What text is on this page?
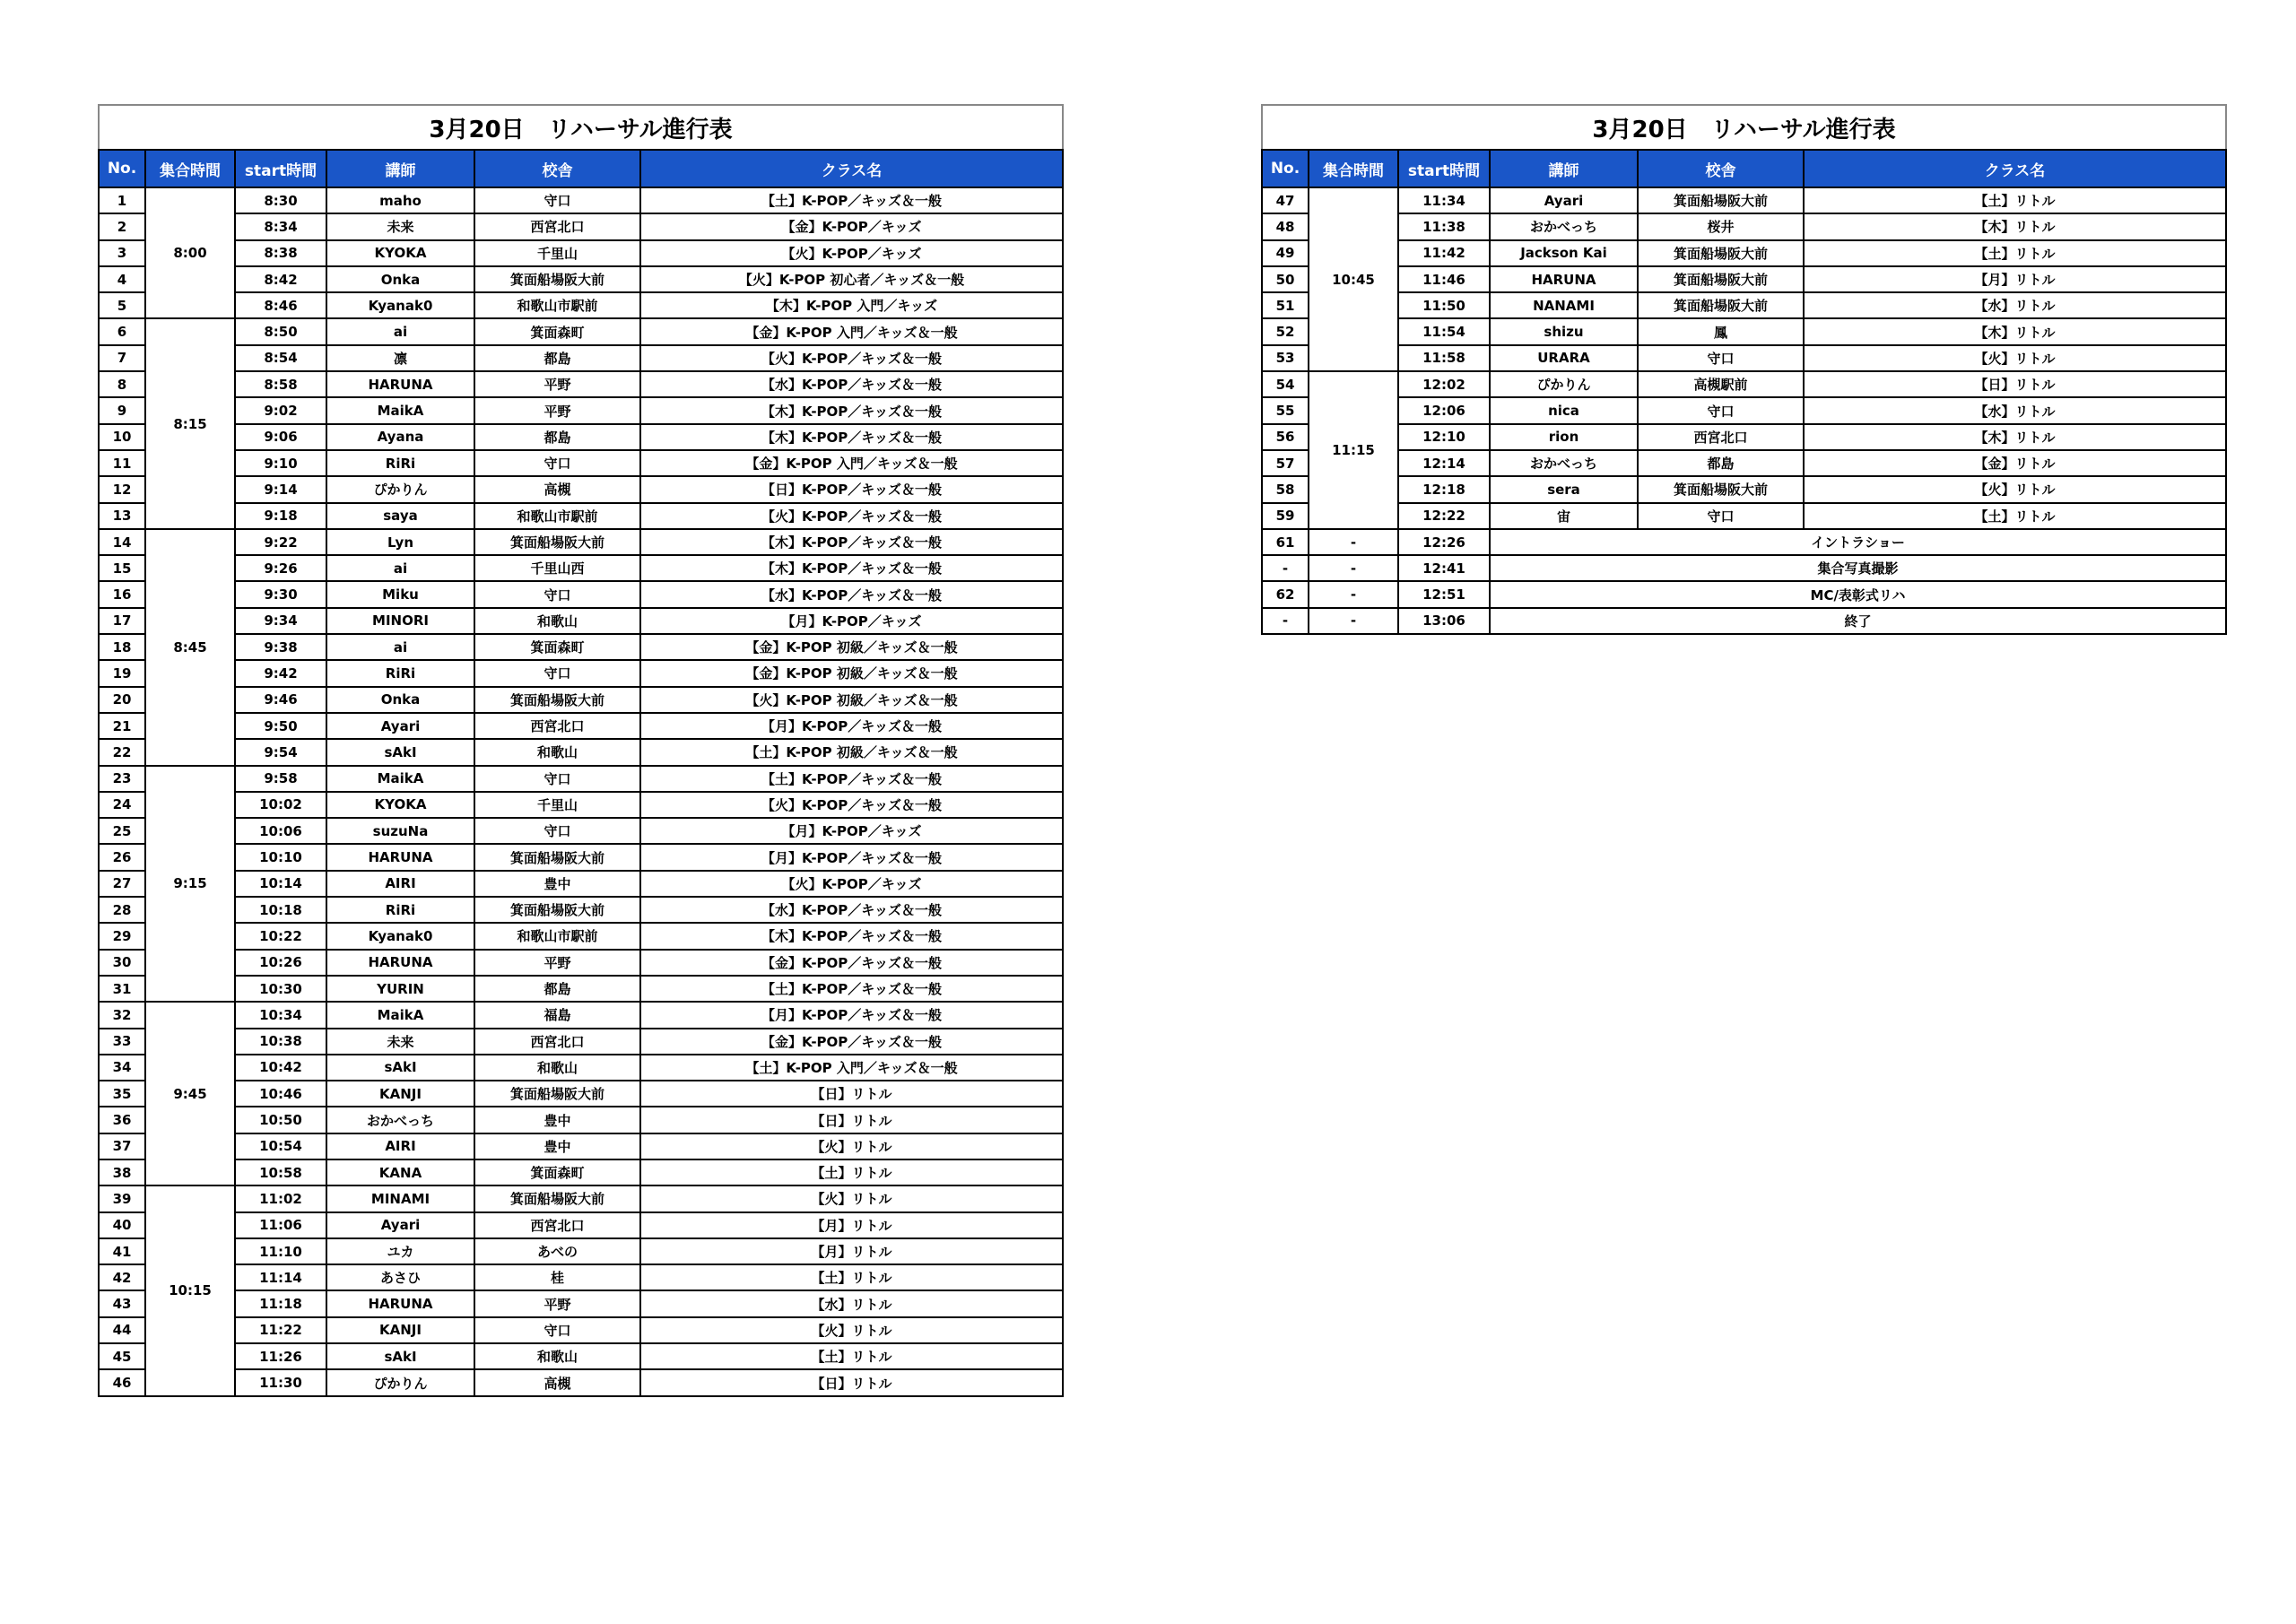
3月20日　リハーサル進行表					
No.	集合時間	start時間	講師	校舎	クラス名
1	8:00	8:30	maho	守口	【土】K-POP／キッズ＆一般
2		8:34	未来	西宮北口	【金】K-POP／キッズ
3		8:38	KYOKA	千里山	【火】K-POP／キッズ
4		8:42	Onka	箕面船場阪大前	【火】K-POP 初心者／キッズ＆一般
5		8:46	Kyanak0	和歌山市駅前	【木】K-POP 入門／キッズ
6	8:15	8:50	ai	箕面森町	【金】K-POP 入門／キッズ＆一般
7		8:54	凛	都島	【火】K-POP／キッズ＆一般
8		8:58	HARUNA	平野	【水】K-POP／キッズ＆一般
9		9:02	MaikA	平野	【木】K-POP／キッズ＆一般
10		9:06	Ayana	都島	【木】K-POP／キッズ＆一般
11		9:10	RiRi	守口	【金】K-POP 入門／キッズ＆一般
12		9:14	ぴかりん	高槻	【日】K-POP／キッズ＆一般
13		9:18	saya	和歌山市駅前	【火】K-POP／キッズ＆一般
14	8:45	9:22	Lyn	箕面船場阪大前	【木】K-POP／キッズ＆一般
15		9:26	ai	千里山西	【木】K-POP／キッズ＆一般
16		9:30	Miku	守口	【水】K-POP／キッズ＆一般
17		9:34	MINORI	和歌山	【月】K-POP／キッズ
18		9:38	ai	箕面森町	【金】K-POP 初級／キッズ＆一般
19		9:42	RiRi	守口	【金】K-POP 初級／キッズ＆一般
20		9:46	Onka	箕面船場阪大前	【火】K-POP 初級／キッズ＆一般
21		9:50	Ayari	西宮北口	【月】K-POP／キッズ＆一般
22		9:54	sAkI	和歌山	【土】K-POP 初級／キッズ＆一般
23	9:15	9:58	MaikA	守口	【土】K-POP／キッズ＆一般
24		10:02	KYOKA	千里山	【火】K-POP／キッズ＆一般
25		10:06	suzuNa	守口	【月】K-POP／キッズ
26		10:10	HARUNA	箕面船場阪大前	【月】K-POP／キッズ＆一般
27		10:14	AIRI	豊中	【火】K-POP／キッズ
28		10:18	RiRi	箕面船場阪大前	【水】K-POP／キッズ＆一般
29		10:22	Kyanak0	和歌山市駅前	【木】K-POP／キッズ＆一般
30		10:26	HARUNA	平野	【金】K-POP／キッズ＆一般
31		10:30	YURIN	都島	【土】K-POP／キッズ＆一般
32	9:45	10:34	MaikA	福島	【月】K-POP／キッズ＆一般
33		10:38	未来	西宮北口	【金】K-POP／キッズ＆一般
34		10:42	sAkI	和歌山	【土】K-POP 入門／キッズ＆一般
35		10:46	KANJI	箕面船場阪大前	【日】リトル
36		10:50	おかべっち	豊中	【日】リトル
37		10:54	AIRI	豊中	【火】リトル
38		10:58	KANA	箕面森町	【土】リトル
39	10:15	11:02	MINAMI	箕面船場阪大前	【火】リトル
40		11:06	Ayari	西宮北口	【月】リトル
41		11:10	ユカ	あべの	【月】リトル
42		11:14	あさひ	桂	【土】リトル
43		11:18	HARUNA	平野	【水】リトル
44		11:22	KANJI	守口	【火】リトル
45		11:26	sAkI	和歌山	【土】リトル
46		11:30	ぴかりん	高槻	【日】リトル
3月20日　リハーサル進行表					
No.	集合時間	start時間	講師	校舎	クラス名
47	10:45	11:34	Ayari	箕面船場阪大前	【土】リトル
48		11:38	おかべっち	桜井	【木】リトル
49		11:42	Jackson Kai	箕面船場阪大前	【土】リトル
50		11:46	HARUNA	箕面船場阪大前	【月】リトル
51		11:50	NANAMI	箕面船場阪大前	【水】リトル
52		11:54	shizu	鳳	【木】リトル
53		11:58	URARA	守口	【火】リトル
54	11:15	12:02	ぴかりん	高槻駅前	【日】リトル
55		12:06	nica	守口	【水】リトル
56		12:10	rion	西宮北口	【木】リトル
57		12:14	おかべっち	都島	【金】リトル
58		12:18	sera	箕面船場阪大前	【火】リトル
59		12:22	宙	守口	【土】リトル
61	-	12:26	イントラショー		
-	-	12:41	集合写真撮影		
62	-	12:51	MC/表彰式リハ		
-	-	13:06	終了		
